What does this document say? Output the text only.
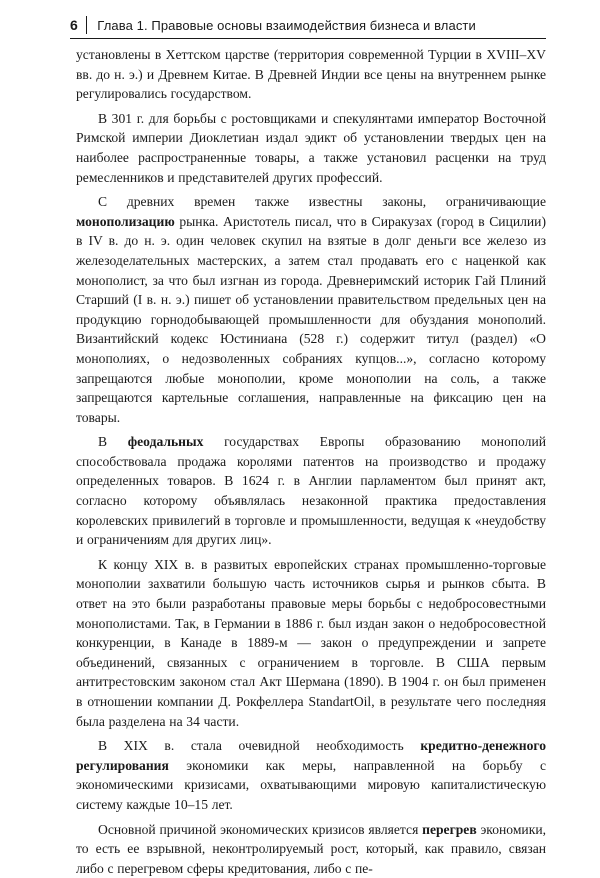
6	Глава 1. Правовые основы взаимодействия бизнеса и власти

установлены в Хеттском царстве (территория современной Турции в XVIII–XV вв. до н. э.) и Древнем Китае. В Древней Индии все цены на внутреннем рынке регулировались государством.

В 301 г. для борьбы с ростовщиками и спекулянтами император Восточной Римской империи Диоклетиан издал эдикт об установлении твердых цен на наиболее распространенные товары, а также установил расценки на труд ремесленников и представителей других профессий.

С древних времен также известны законы, ограничивающие монополизацию рынка. Аристотель писал, что в Сиракузах (город в Сицилии) в IV в. до н. э. один человек скупил на взятые в долг деньги все железо из железоделательных мастерских, а затем стал продавать его с наценкой как монополист, за что был изгнан из города. Древнеримский историк Гай Плиний Старший (I в. н. э.) пишет об установлении правительством предельных цен на продукцию горнодобывающей промышленности для обуздания монополий. Византийский кодекс Юстиниана (528 г.) содержит титул (раздел) «О монополиях, о недозволенных собраниях купцов...», согласно которому запрещаются любые монополии, кроме монополии на соль, а также запрещаются картельные соглашения, направленные на фиксацию цен на товары.

В феодальных государствах Европы образованию монополий способствовала продажа королями патентов на производство и продажу определенных товаров. В 1624 г. в Англии парламентом был принят акт, согласно которому объявлялась незаконной практика предоставления королевских привилегий в торговле и промышленности, ведущая к «неудобству и ограничениям для других лиц».

К концу XIX в. в развитых европейских странах промышленно-торговые монополии захватили большую часть источников сырья и рынков сбыта. В ответ на это были разработаны правовые меры борьбы с недобросовестными монополистами. Так, в Германии в 1886 г. был издан закон о недобросовестной конкуренции, в Канаде в 1889-м — закон о предупреждении и запрете объединений, связанных с ограничением в торговле. В США первым антитрестовским законом стал Акт Шермана (1890). В 1904 г. он был применен в отношении компании Д. Рокфеллера StandartOil, в результате чего последняя была разделена на 34 части.

В XIX в. стала очевидной необходимость кредитно-денежного регулирования экономики как меры, направленной на борьбу с экономическими кризисами, охватывающими мировую капиталистическую систему каждые 10–15 лет.

Основной причиной экономических кризисов является перегрев экономики, то есть ее взрывной, неконтролируемый рост, который, как правило, связан либо с перегревом сферы кредитования, либо с пе-
